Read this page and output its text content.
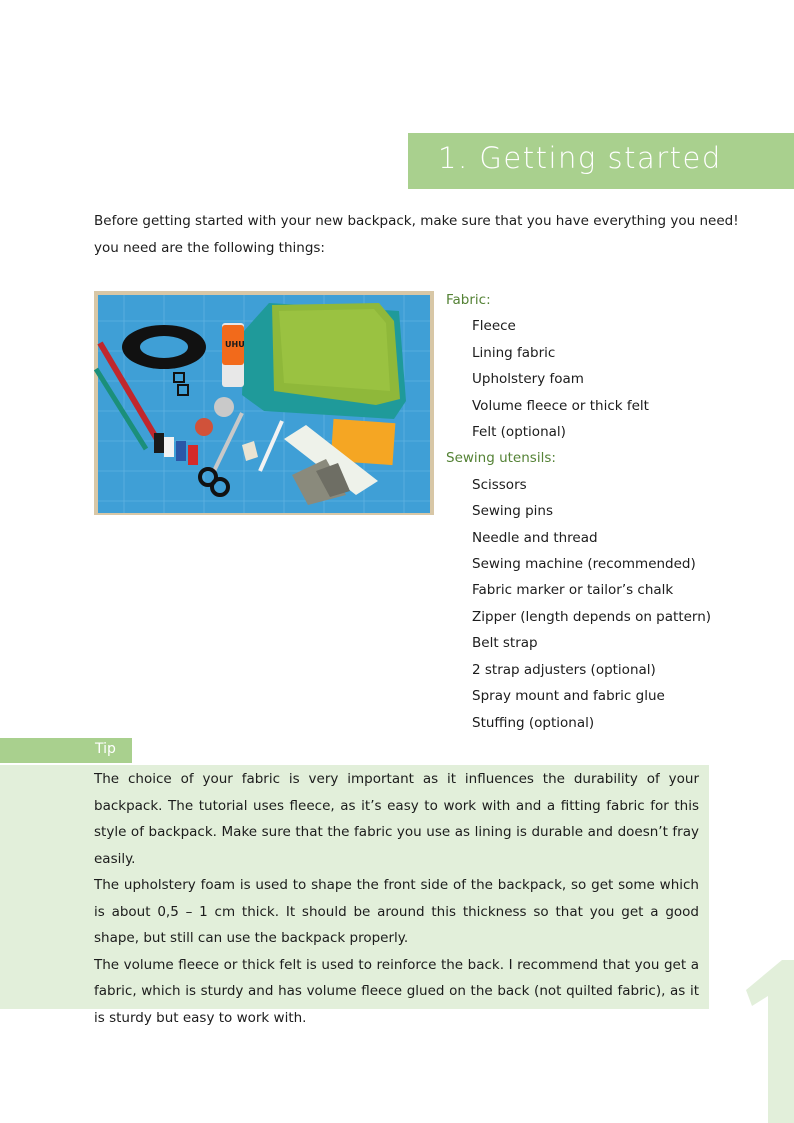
1. Getting started

Before getting started with your new backpack, make sure that you have everything you need!
you need are the following things:

UHU
Fabric:
Fleece
Lining fabric
Upholstery foam
Volume fleece or thick felt
Felt (optional)
Sewing utensils:
Scissors
Sewing pins
Needle and thread
Sewing machine (recommended)
Fabric marker or tailor’s chalk
Zipper (length depends on pattern)
Belt strap
2 strap adjusters (optional)
Spray mount and fabric glue
Stuffing (optional)
Tip

The choice of your fabric is very important as it influences the durability of your backpack. The tutorial uses fleece, as it’s easy to work with and a fitting fabric for this style of backpack. Make sure that the fabric you use as lining is durable and doesn’t fray easily.

The upholstery foam is used to shape the front side of the backpack, so get some which is about 0,5 – 1 cm thick. It should be around this thickness so that you get a good shape, but still can use the backpack properly.

The volume fleece or thick felt is used to reinforce the back. I recommend that you get a fabric, which is sturdy and has volume fleece glued on the back (not quilted fabric), as it is sturdy but easy to work with.
